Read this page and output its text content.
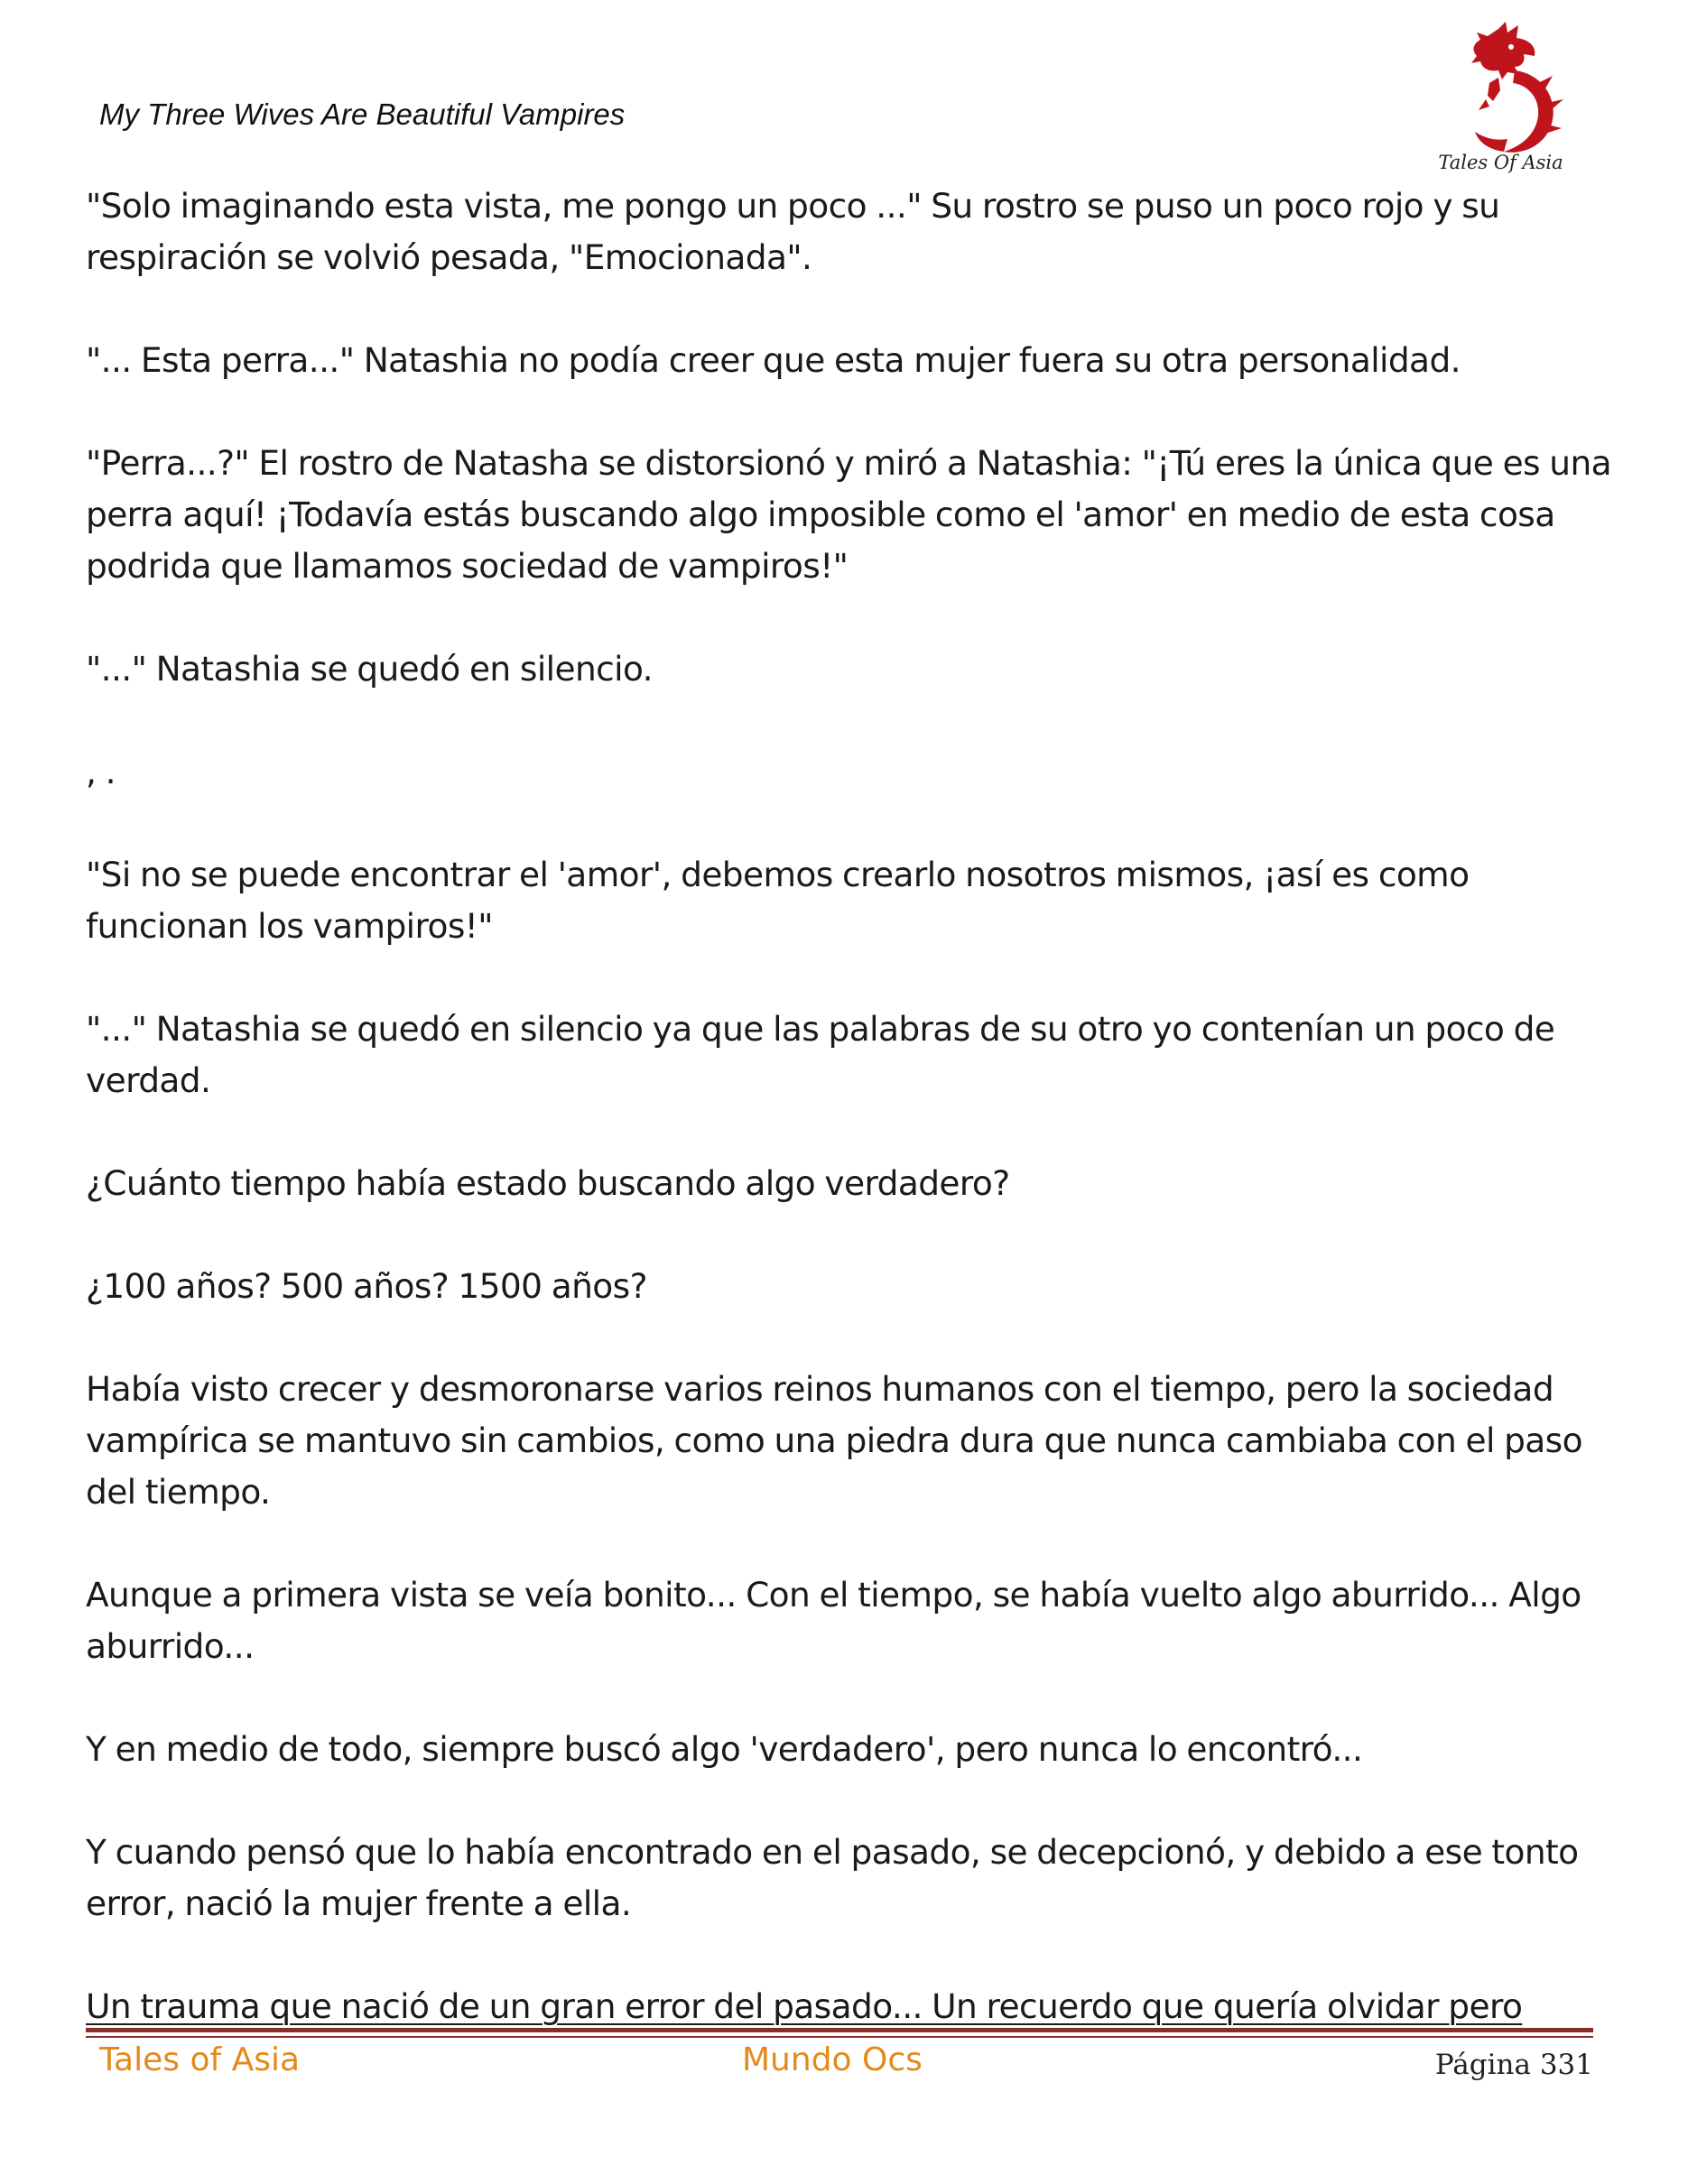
My Three Wives Are Beautiful Vampires
Tales Of Asia

"Solo imaginando esta vista, me pongo un poco ..." Su rostro se puso un poco rojo y su respiración se volvió pesada, "Emocionada".

"... Esta perra..." Natashia no podía creer que esta mujer fuera su otra personalidad.

"Perra...?" El rostro de Natasha se distorsionó y miró a Natashia: "¡Tú eres la única que es una perra aquí! ¡Todavía estás buscando algo imposible como el 'amor' en medio de esta cosa podrida que llamamos sociedad de vampiros!"

"..." Natashia se quedó en silencio.

, .

"Si no se puede encontrar el 'amor', debemos crearlo nosotros mismos, ¡así es como funcionan los vampiros!"

"..." Natashia se quedó en silencio ya que las palabras de su otro yo contenían un poco de verdad.

¿Cuánto tiempo había estado buscando algo verdadero?

¿100 años? 500 años? 1500 años?

Había visto crecer y desmoronarse varios reinos humanos con el tiempo, pero la sociedad vampírica se mantuvo sin cambios, como una piedra dura que nunca cambiaba con el paso del tiempo.

Aunque a primera vista se veía bonito... Con el tiempo, se había vuelto algo aburrido... Algo aburrido...

Y en medio de todo, siempre buscó algo 'verdadero', pero nunca lo encontró...

Y cuando pensó que lo había encontrado en el pasado, se decepcionó, y debido a ese tonto error, nació la mujer frente a ella.

Un trauma que nació de un gran error del pasado... Un recuerdo que quería olvidar pero

Tales of Asia	Mundo Ocs	Página 331
